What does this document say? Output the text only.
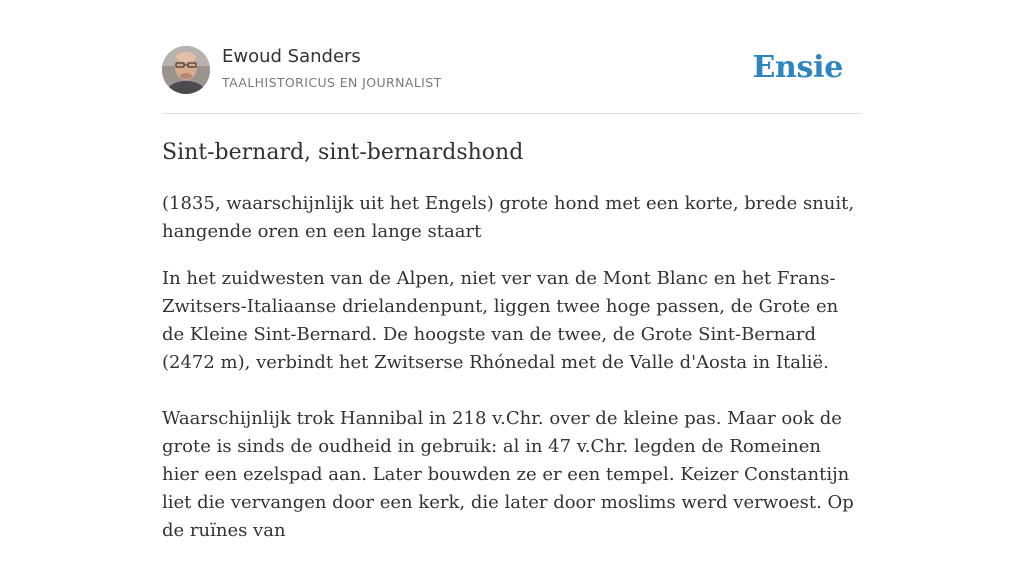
Ewoud Sanders
TAALHISTORICUS EN JOURNALIST	Ensie
Sint-bernard, sint-bernardshond
(1835, waarschijnlijk uit het Engels) grote hond met een korte, brede snuit, hangende oren en een lange staart

In het zuidwesten van de Alpen, niet ver van de Mont Blanc en het Frans-Zwitsers-Italiaanse drielandenpunt, liggen twee hoge passen, de Grote en de Kleine Sint-Bernard. De hoogste van de twee, de Grote Sint-Bernard (2472 m), verbindt het Zwitserse Rhónedal met de Valle d'Aosta in Italië.

Waarschijnlijk trok Hannibal in 218 v.Chr. over de kleine pas. Maar ook de grote is sinds de oudheid in gebruik: al in 47 v.Chr. legden de Romeinen hier een ezelspad aan. Later bouwden ze er een tempel. Keizer Constantijn liet die vervangen door een kerk, die later door moslims werd verwoest. Op de ruïnes van
